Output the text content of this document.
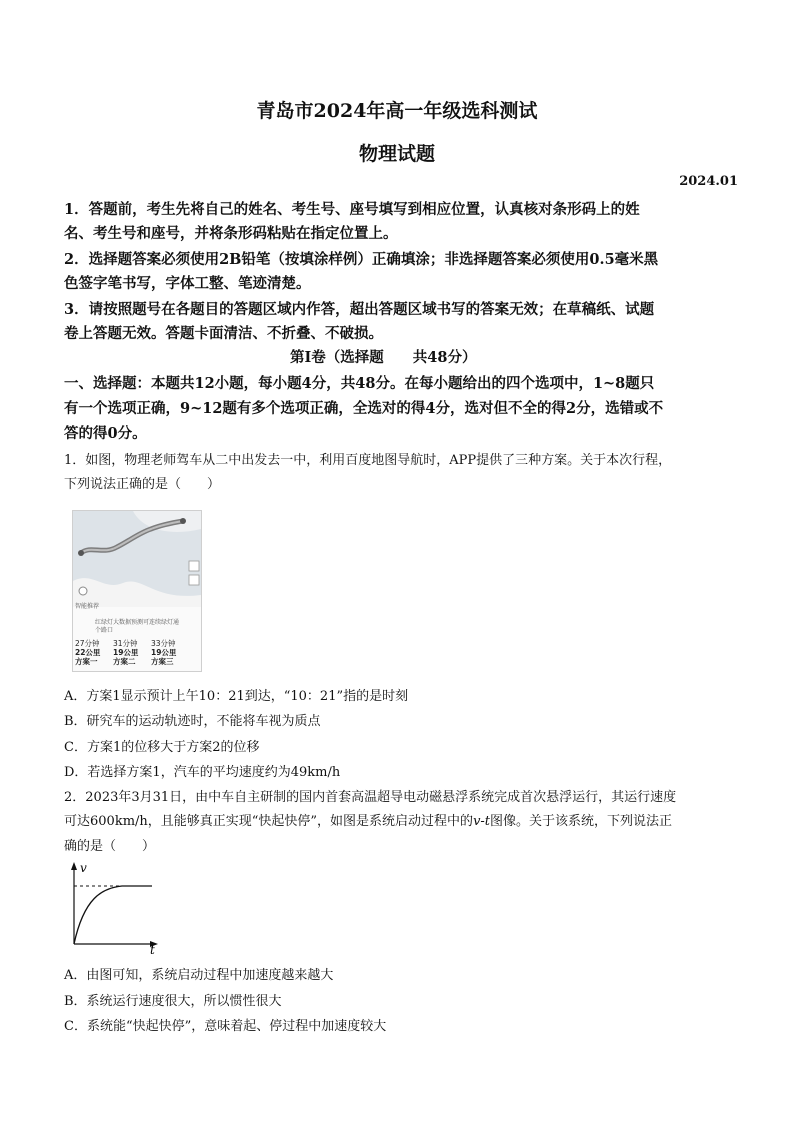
青岛市2024年高一年级选科测试
物理试题
2024.01
1．答题前，考生先将自己的姓名、考生号、座号填写到相应位置，认真核对条形码上的姓
名、考生号和座号，并将条形码粘贴在指定位置上。
2．选择题答案必须使用2B铅笔（按填涂样例）正确填涂；非选择题答案必须使用0.5毫米黑
色签字笔书写，字体工整、笔迹清楚。
3．请按照题号在各题目的答题区域内作答，超出答题区域书写的答案无效；在草稿纸、试题
卷上答题无效。答题卡面清洁、不折叠、不破损。
第Ⅰ卷（选择题　　共48分）
一、选择题：本题共12小题，每小题4分，共48分。在每小题给出的四个选项中，1~8题只
有一个选项正确，9~12题有多个选项正确，全选对的得4分，选对但不全的得2分，选错或不
答的得0分。
1．如图，物理老师驾车从二中出发去一中，利用百度地图导航时，APP提供了三种方案。关于本次行程，
下列说法正确的是（　　）
智能推荐
红绿灯大数据预测可连续绿灯通
个路口
27分钟
22公里
方案一
31分钟
19公里
方案二
33分钟
19公里
方案三
A．方案1显示预计上午10：21到达，“10：21”指的是时刻
B．研究车的运动轨迹时，不能将车视为质点
C．方案1的位移大于方案2的位移
D．若选择方案1，汽车的平均速度约为49km/h
2．2023年3月31日，由中车自主研制的国内首套高温超导电动磁悬浮系统完成首次悬浮运行，其运行速度
可达600km/h，且能够真正实现“快起快停”，如图是系统启动过程中的v-t图像。关于该系统，下列说法正
确的是（　　）
v
t
A．由图可知，系统启动过程中加速度越来越大
B．系统运行速度很大，所以惯性很大
C．系统能“快起快停”，意味着起、停过程中加速度较大
